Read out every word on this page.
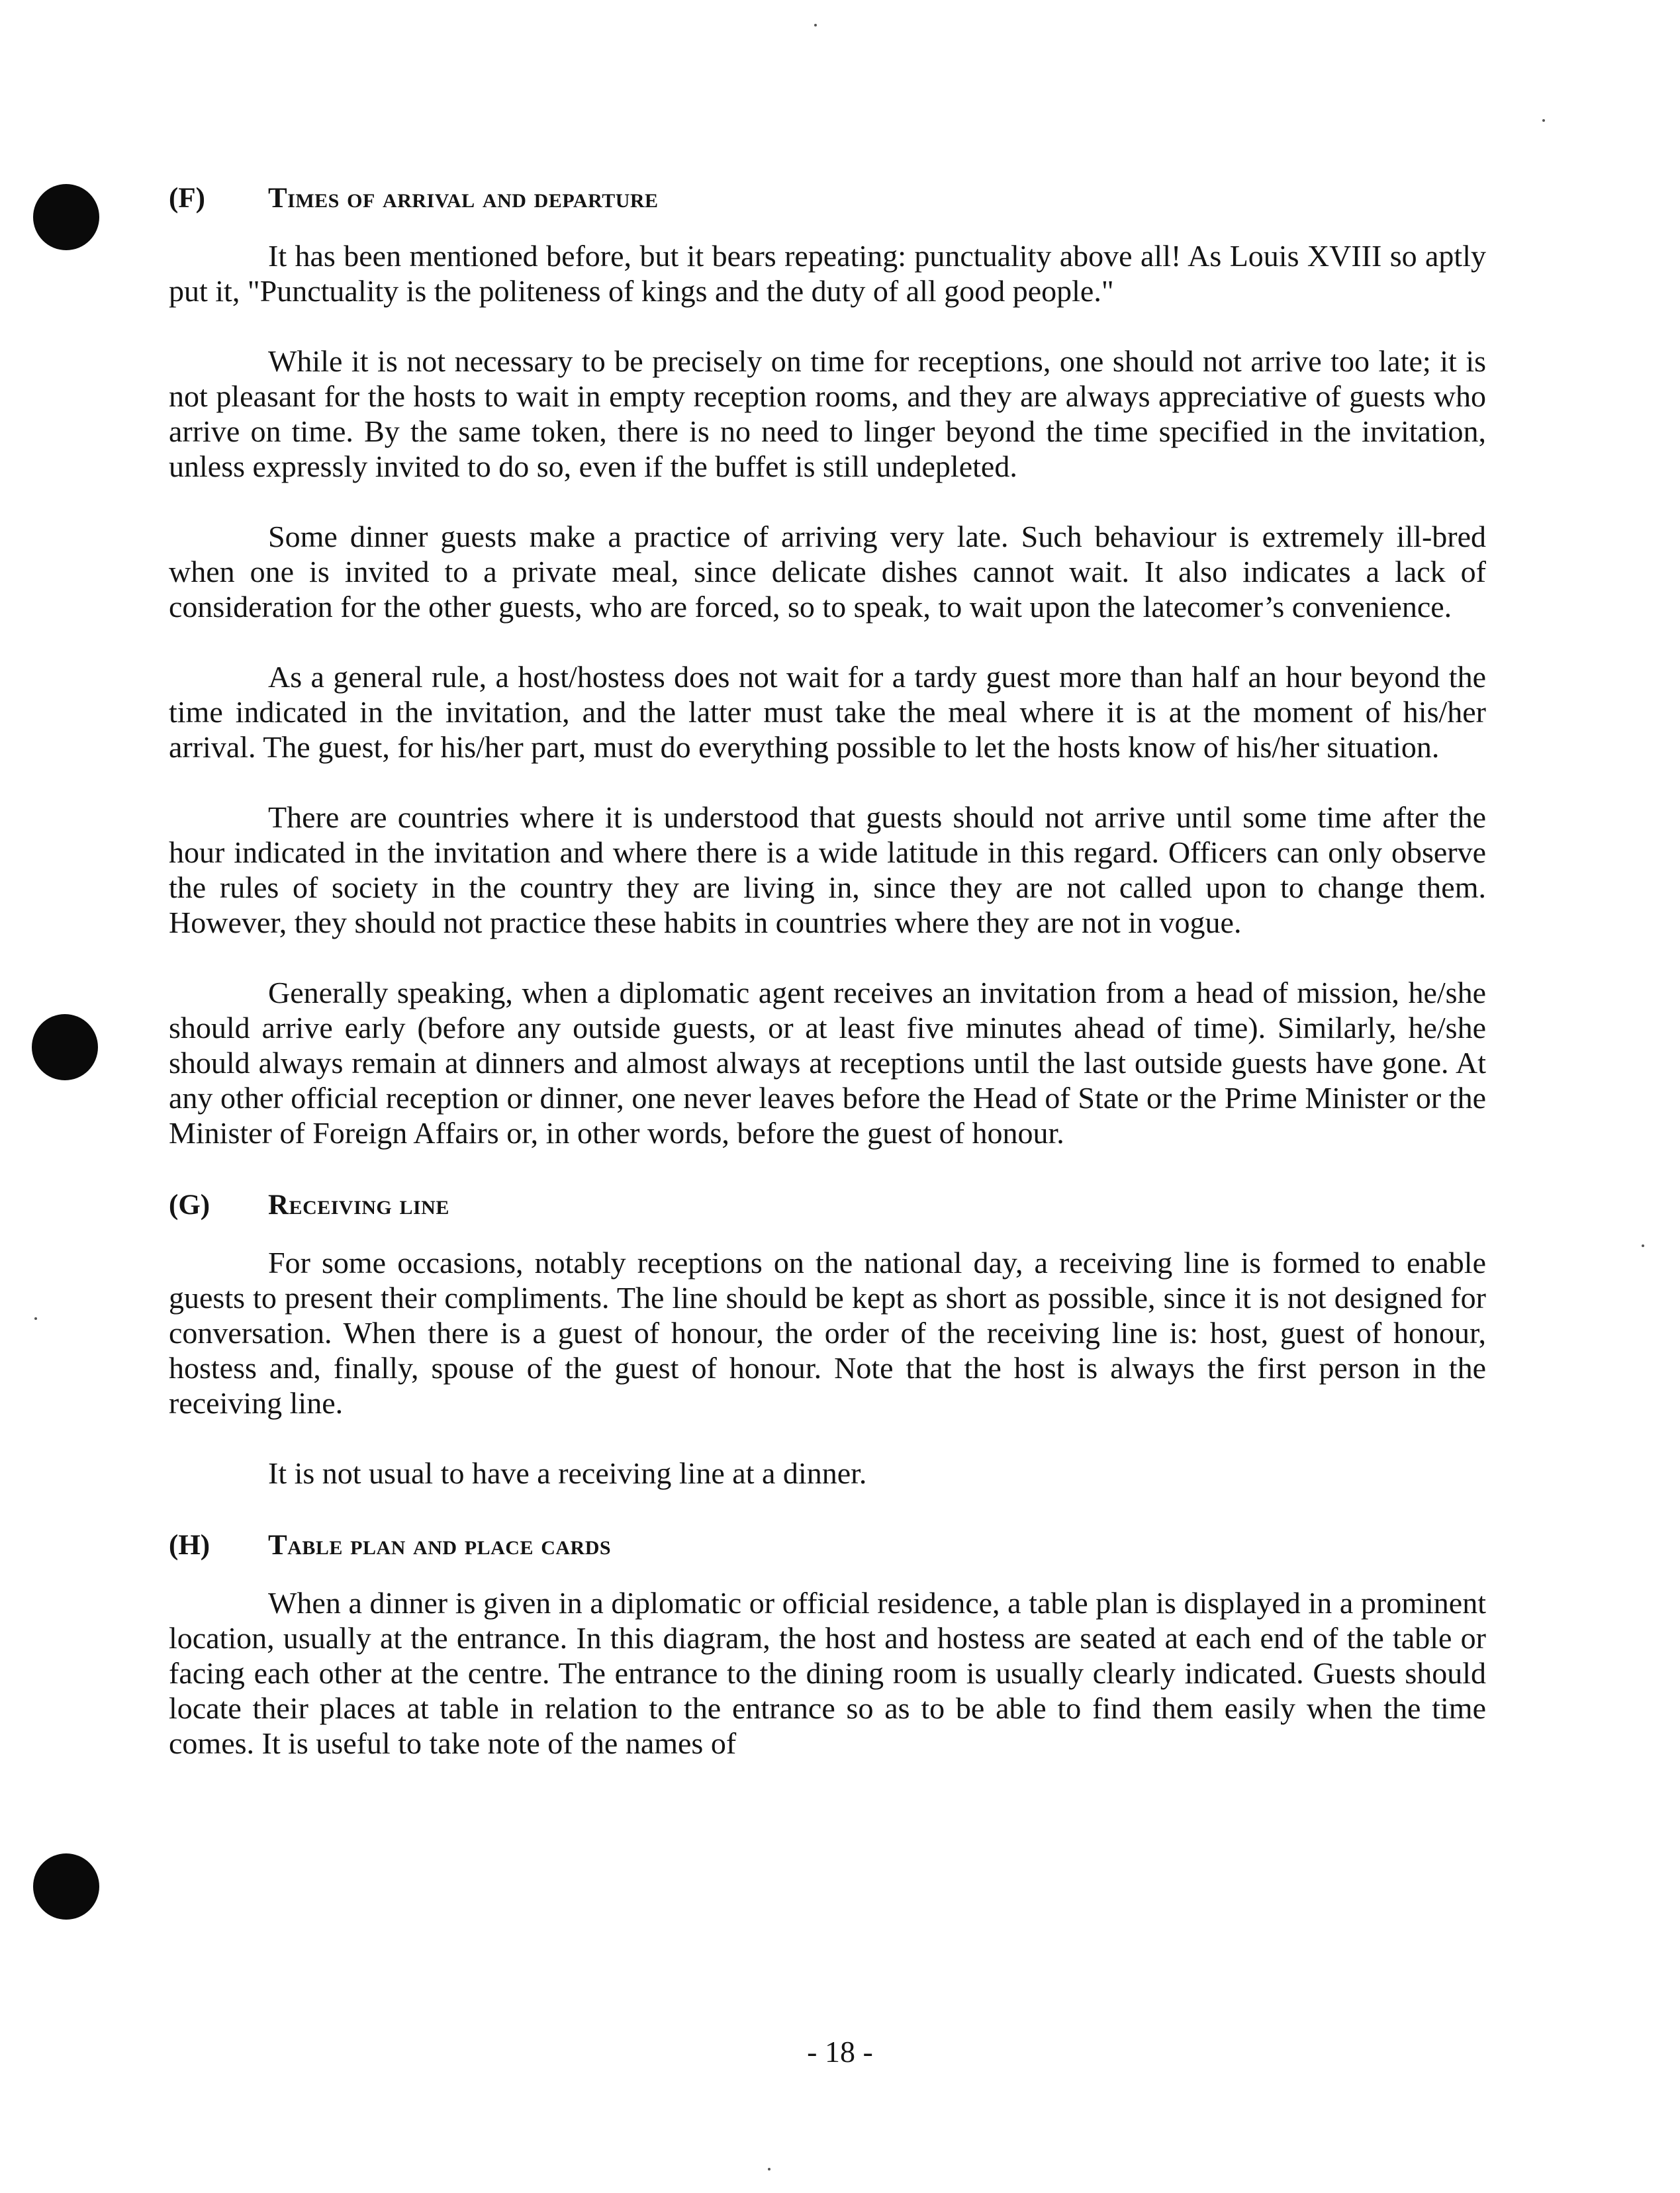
(F)	Times of arrival and departure

It has been mentioned before, but it bears repeating: punctuality above all! As Louis XVIII so aptly put it, "Punctuality is the politeness of kings and the duty of all good people."

While it is not necessary to be precisely on time for receptions, one should not arrive too late; it is not pleasant for the hosts to wait in empty reception rooms, and they are always appreciative of guests who arrive on time. By the same token, there is no need to linger beyond the time specified in the invitation, unless expressly invited to do so, even if the buffet is still undepleted.

Some dinner guests make a practice of arriving very late. Such behaviour is extremely ill-bred when one is invited to a private meal, since delicate dishes cannot wait. It also indicates a lack of consideration for the other guests, who are forced, so to speak, to wait upon the latecomer’s convenience.

As a general rule, a host/hostess does not wait for a tardy guest more than half an hour beyond the time indicated in the invitation, and the latter must take the meal where it is at the moment of his/her arrival. The guest, for his/her part, must do everything possible to let the hosts know of his/her situation.

There are countries where it is understood that guests should not arrive until some time after the hour indicated in the invitation and where there is a wide latitude in this regard. Officers can only observe the rules of society in the country they are living in, since they are not called upon to change them. However, they should not practice these habits in countries where they are not in vogue.

Generally speaking, when a diplomatic agent receives an invitation from a head of mission, he/she should arrive early (before any outside guests, or at least five minutes ahead of time). Similarly, he/she should always remain at dinners and almost always at receptions until the last outside guests have gone. At any other official reception or dinner, one never leaves before the Head of State or the Prime Minister or the Minister of Foreign Affairs or, in other words, before the guest of honour.

(G)	Receiving line

For some occasions, notably receptions on the national day, a receiving line is formed to enable guests to present their compliments. The line should be kept as short as possible, since it is not designed for conversation. When there is a guest of honour, the order of the receiving line is: host, guest of honour, hostess and, finally, spouse of the guest of honour. Note that the host is always the first person in the receiving line.

It is not usual to have a receiving line at a dinner.

(H)	Table plan and place cards

When a dinner is given in a diplomatic or official residence, a table plan is displayed in a prominent location, usually at the entrance. In this diagram, the host and hostess are seated at each end of the table or facing each other at the centre. The entrance to the dining room is usually clearly indicated. Guests should locate their places at table in relation to the entrance so as to be able to find them easily when the time comes. It is useful to take note of the names of

- 18 -
